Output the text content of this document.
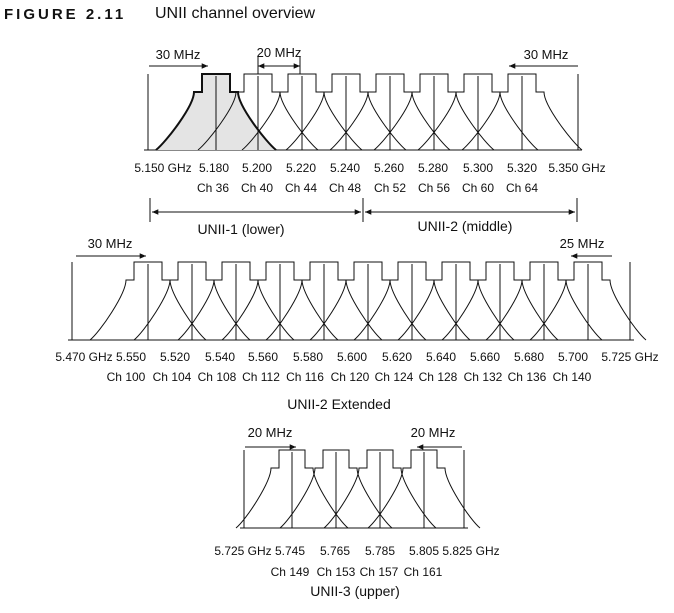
FIGURE 2.11 UNII channel overview
5.150 GHz 5.180 5.200 5.220 5.240 5.260 5.280 5.300 5.320 5.350 GHz
Ch 36 Ch 40 Ch 44 Ch 48 Ch 52 Ch 56 Ch 60 Ch 64
30 MHz	20 MHz	30 MHz
UNII-1 (lower)	UNII-2 (middle)
5.470 GHz 5.550 5.520 5.540 5.560 5.580 5.600 5.620 5.640 5.660 5.680 5.700 5.725 GHz
Ch 100 Ch 104 Ch 108 Ch 112 Ch 116 Ch 120 Ch 124 Ch 128 Ch 132 Ch 136 Ch 140
30 MHz	25 MHz
UNII-2 Extended
5.725 GHz 5.745 5.765 5.785 5.805 5.825 GHz
Ch 149 Ch 153 Ch 157 Ch 161
20 MHz	20 MHz
UNII-3 (upper)
